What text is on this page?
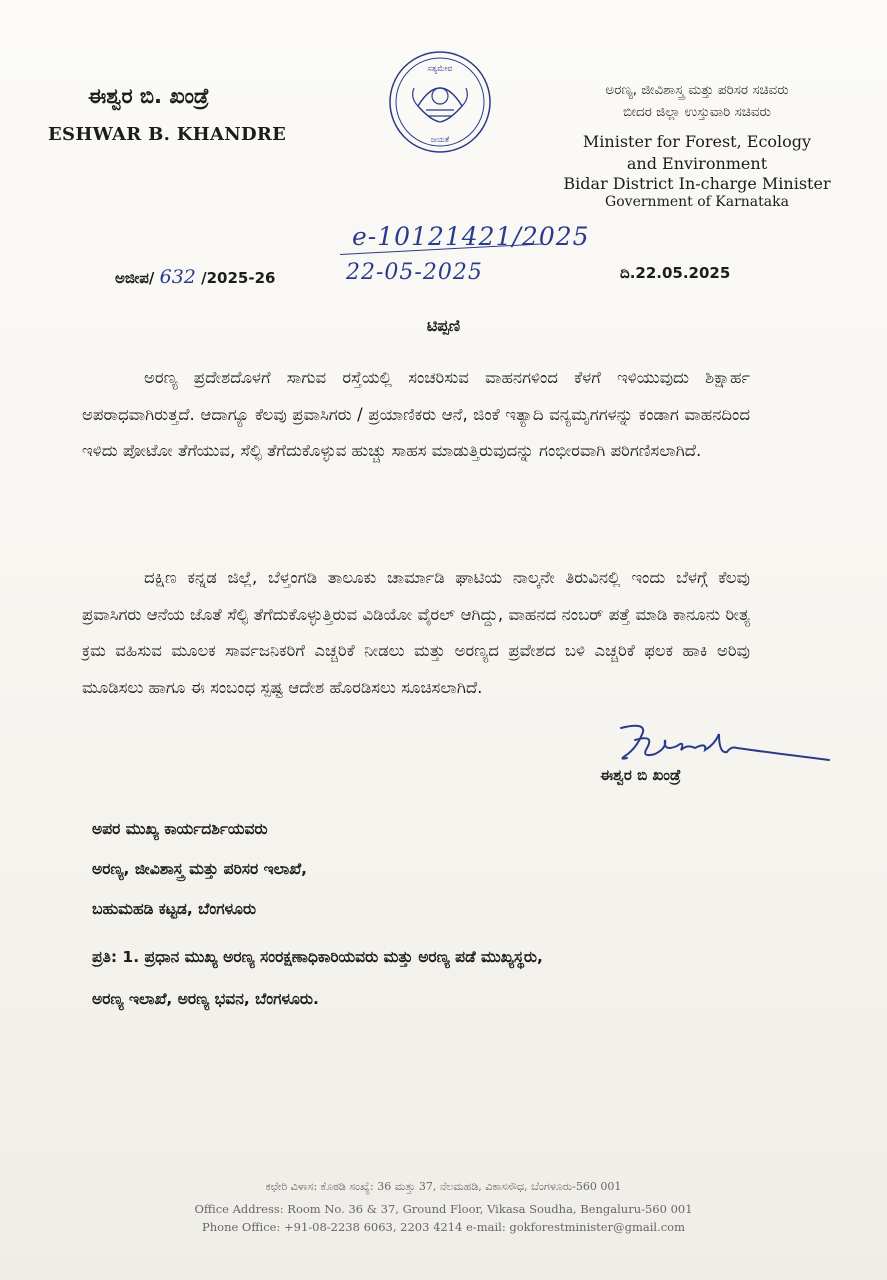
ಈಶ್ವರ ಬಿ. ಖಂಡ್ರೆ
ESHWAR B. KHANDRE
ಸತ್ಯಮೇವ
ಜಯತೆ
ಅರಣ್ಯ, ಜೀವಿಶಾಸ್ತ್ರ ಮತ್ತು ಪರಿಸರ ಸಚಿವರು
ಬೀದರ ಜಿಲ್ಲಾ ಉಸ್ತುವಾರಿ ಸಚಿವರು
Minister for Forest, Ecology
and Environment
Bidar District In-charge Minister
Government of Karnataka
e-10121421/2025
22-05-2025
ಅಜೀಪ/ 632 /2025-26	ದಿ.22.05.2025
ಟಿಪ್ಪಣಿ
ಅರಣ್ಯ ಪ್ರದೇಶದೊಳಗೆ ಸಾಗುವ ರಸ್ತೆಯಲ್ಲಿ ಸಂಚರಿಸುವ ವಾಹನಗಳಿಂದ ಕೆಳಗೆ ಇಳಿಯುವುದು ಶಿಕ್ಷಾರ್ಹ ಅಪರಾಧವಾಗಿರುತ್ತದೆ. ಆದಾಗ್ಯೂ ಕೆಲವು ಪ್ರವಾಸಿಗರು / ಪ್ರಯಾಣಿಕರು ಆನೆ, ಜಿಂಕೆ ಇತ್ಯಾದಿ ವನ್ಯಮೃಗಗಳನ್ನು ಕಂಡಾಗ ವಾಹನದಿಂದ ಇಳಿದು ಪೋಟೋ ತೆಗೆಯುವ, ಸೆಲ್ಫಿ ತೆಗೆದುಕೊಳ್ಳುವ ಹುಚ್ಚು ಸಾಹಸ ಮಾಡುತ್ತಿರುವುದನ್ನು ಗಂಭೀರವಾಗಿ ಪರಿಗಣಿಸಲಾಗಿದೆ.
ದಕ್ಷಿಣ ಕನ್ನಡ ಜಿಲ್ಲೆ, ಬೆಳ್ತಂಗಡಿ ತಾಲೂಕು ಚಾರ್ಮಾಡಿ ಘಾಟಿಯ ನಾಲ್ಕನೇ ತಿರುವಿನಲ್ಲಿ ಇಂದು ಬೆಳಗ್ಗೆ ಕೆಲವು ಪ್ರವಾಸಿಗರು ಆನೆಯ ಜೊತೆ ಸೆಲ್ಫಿ ತೆಗೆದುಕೊಳ್ಳುತ್ತಿರುವ ವಿಡಿಯೋ ವೈರಲ್ ಆಗಿದ್ದು, ವಾಹನದ ನಂಬರ್ ಪತ್ತೆ ಮಾಡಿ ಕಾನೂನು ರೀತ್ಯ ಕ್ರಮ ವಹಿಸುವ ಮೂಲಕ ಸಾರ್ವಜನಿಕರಿಗೆ ಎಚ್ಚರಿಕೆ ನೀಡಲು ಮತ್ತು ಅರಣ್ಯದ ಪ್ರವೇಶದ ಬಳಿ ಎಚ್ಚರಿಕೆ ಫಲಕ ಹಾಕಿ ಅರಿವು ಮೂಡಿಸಲು ಹಾಗೂ ಈ ಸಂಬಂಧ ಸ್ಪಷ್ಟ ಆದೇಶ ಹೊರಡಿಸಲು ಸೂಚಿಸಲಾಗಿದೆ.
ಈಶ್ವರ ಬಿ ಖಂಡ್ರೆ
ಅಪರ ಮುಖ್ಯ ಕಾರ್ಯದರ್ಶಿಯವರು
ಅರಣ್ಯ, ಜೀವಿಶಾಸ್ತ್ರ ಮತ್ತು ಪರಿಸರ ಇಲಾಖೆ,
ಬಹುಮಹಡಿ ಕಟ್ಟಡ, ಬೆಂಗಳೂರು
ಪ್ರತಿ: 1. ಪ್ರಧಾನ ಮುಖ್ಯ ಅರಣ್ಯ ಸಂರಕ್ಷಣಾಧಿಕಾರಿಯವರು ಮತ್ತು ಅರಣ್ಯ ಪಡೆ ಮುಖ್ಯಸ್ಥರು,
ಅರಣ್ಯ ಇಲಾಖೆ, ಅರಣ್ಯ ಭವನ, ಬೆಂಗಳೂರು.
ಕಛೇರಿ ವಿಳಾಸ: ಕೊಠಡಿ ಸಂಖ್ಯೆ: 36 ಮತ್ತು 37, ನೆಲಮಹಡಿ, ವಿಕಾಸಸೌಧ, ಬೆಂಗಳೂರು-560 001
Office Address: Room No. 36 & 37, Ground Floor, Vikasa Soudha, Bengaluru-560 001
Phone Office: +91-08-2238 6063, 2203 4214 e-mail: gokforestminister@gmail.com
